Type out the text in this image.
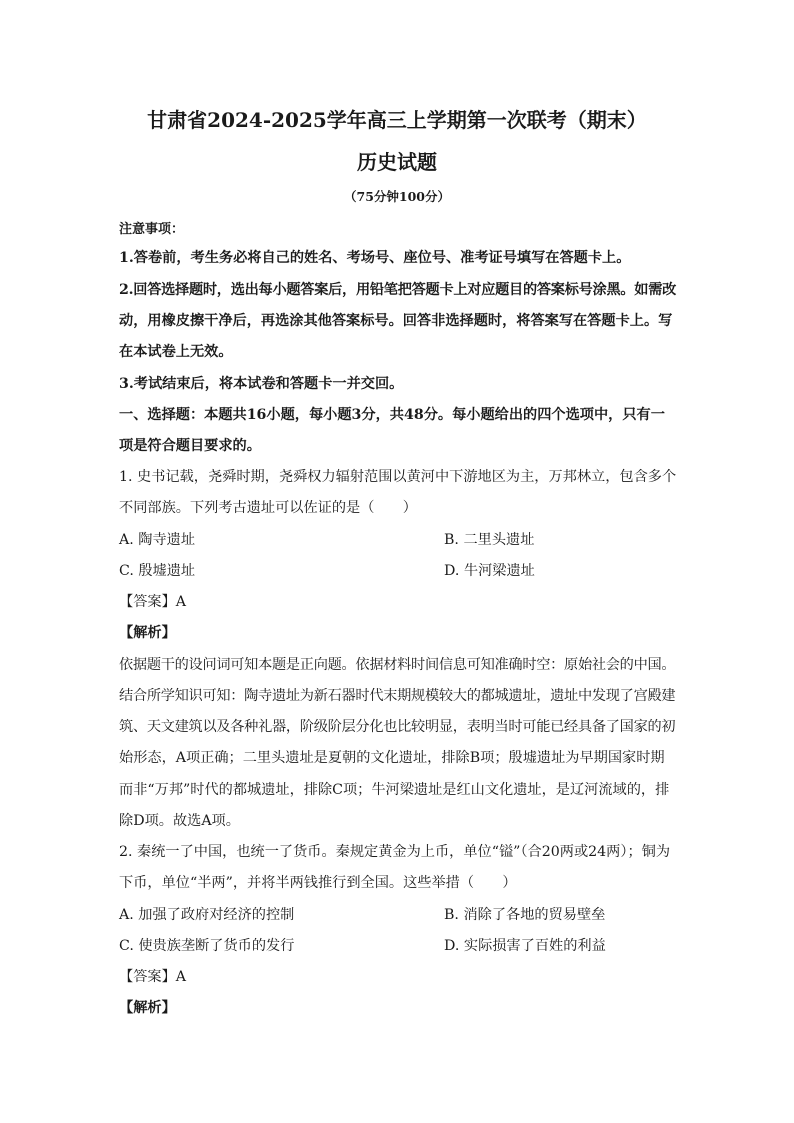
甘肃省2024-2025学年高三上学期第一次联考（期末）
历史试题
（75分钟100分）
注意事项：
1.答卷前，考生务必将自己的姓名、考场号、座位号、准考证号填写在答题卡上。
2.回答选择题时，选出每小题答案后，用铅笔把答题卡上对应题目的答案标号涂黑。如需改
动，用橡皮擦干净后，再选涂其他答案标号。回答非选择题时，将答案写在答题卡上。写
在本试卷上无效。
3.考试结束后，将本试卷和答题卡一并交回。
一、选择题：本题共16小题，每小题3分，共48分。每小题给出的四个选项中，只有一
项是符合题目要求的。
1. 史书记载，尧舜时期，尧舜权力辐射范围以黄河中下游地区为主，万邦林立，包含多个
不同部族。下列考古遗址可以佐证的是（　　）
A. 陶寺遗址	B. 二里头遗址
C. 殷墟遗址	D. 牛河梁遗址
【答案】A
【解析】
依据题干的设问词可知本题是正向题。依据材料时间信息可知准确时空：原始社会的中国。
结合所学知识可知：陶寺遗址为新石器时代末期规模较大的都城遗址，遗址中发现了宫殿建
筑、天文建筑以及各种礼器，阶级阶层分化也比较明显，表明当时可能已经具备了国家的初
始形态，A项正确；二里头遗址是夏朝的文化遗址，排除B项；殷墟遗址为早期国家时期
而非“万邦”时代的都城遗址，排除C项；牛河梁遗址是红山文化遗址，是辽河流域的，排
除D项。故选A项。
2. 秦统一了中国，也统一了货币。秦规定黄金为上币，单位“镒”（合20两或24两）；铜为
下币，单位“半两”，并将半两钱推行到全国。这些举措（　　）
A. 加强了政府对经济的控制	B. 消除了各地的贸易壁垒
C. 使贵族垄断了货币的发行	D. 实际损害了百姓的利益
【答案】A
【解析】
